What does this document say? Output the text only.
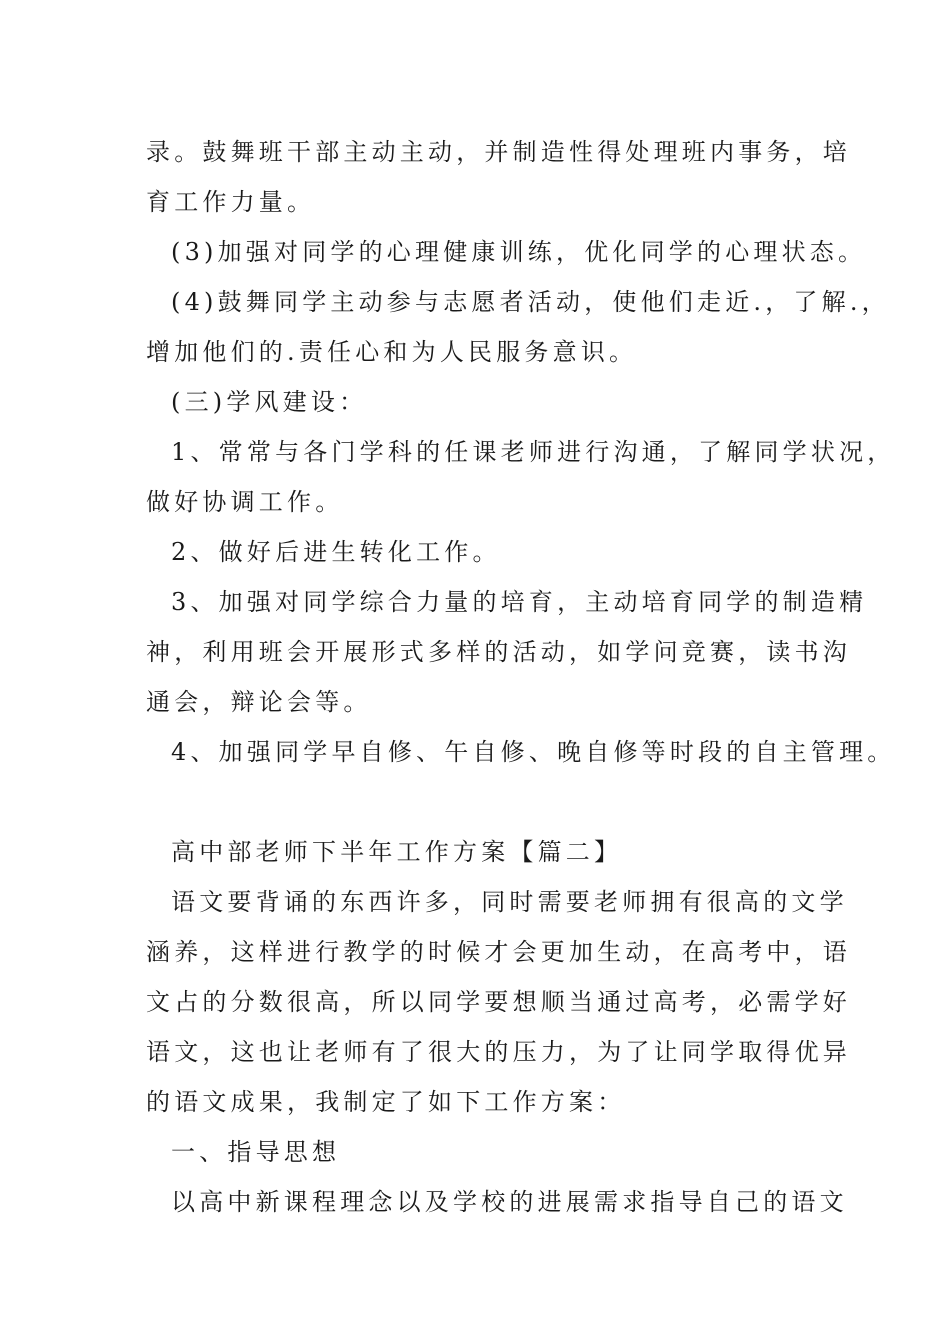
录。鼓舞班干部主动主动，并制造性得处理班内事务，培
育工作力量。
(3)加强对同学的心理健康训练，优化同学的心理状态。
(4)鼓舞同学主动参与志愿者活动，使他们走近.，了解.，
增加他们的.责任心和为人民服务意识。
(三)学风建设：
1、常常与各门学科的任课老师进行沟通，了解同学状况，
做好协调工作。
2、做好后进生转化工作。
3、加强对同学综合力量的培育，主动培育同学的制造精
神，利用班会开展形式多样的活动，如学问竞赛，读书沟
通会，辩论会等。
4、加强同学早自修、午自修、晚自修等时段的自主管理。
高中部老师下半年工作方案【篇二】
语文要背诵的东西许多，同时需要老师拥有很高的文学
涵养，这样进行教学的时候才会更加生动，在高考中，语
文占的分数很高，所以同学要想顺当通过高考，必需学好
语文，这也让老师有了很大的压力，为了让同学取得优异
的语文成果，我制定了如下工作方案：
一、指导思想
以高中新课程理念以及学校的进展需求指导自己的语文
